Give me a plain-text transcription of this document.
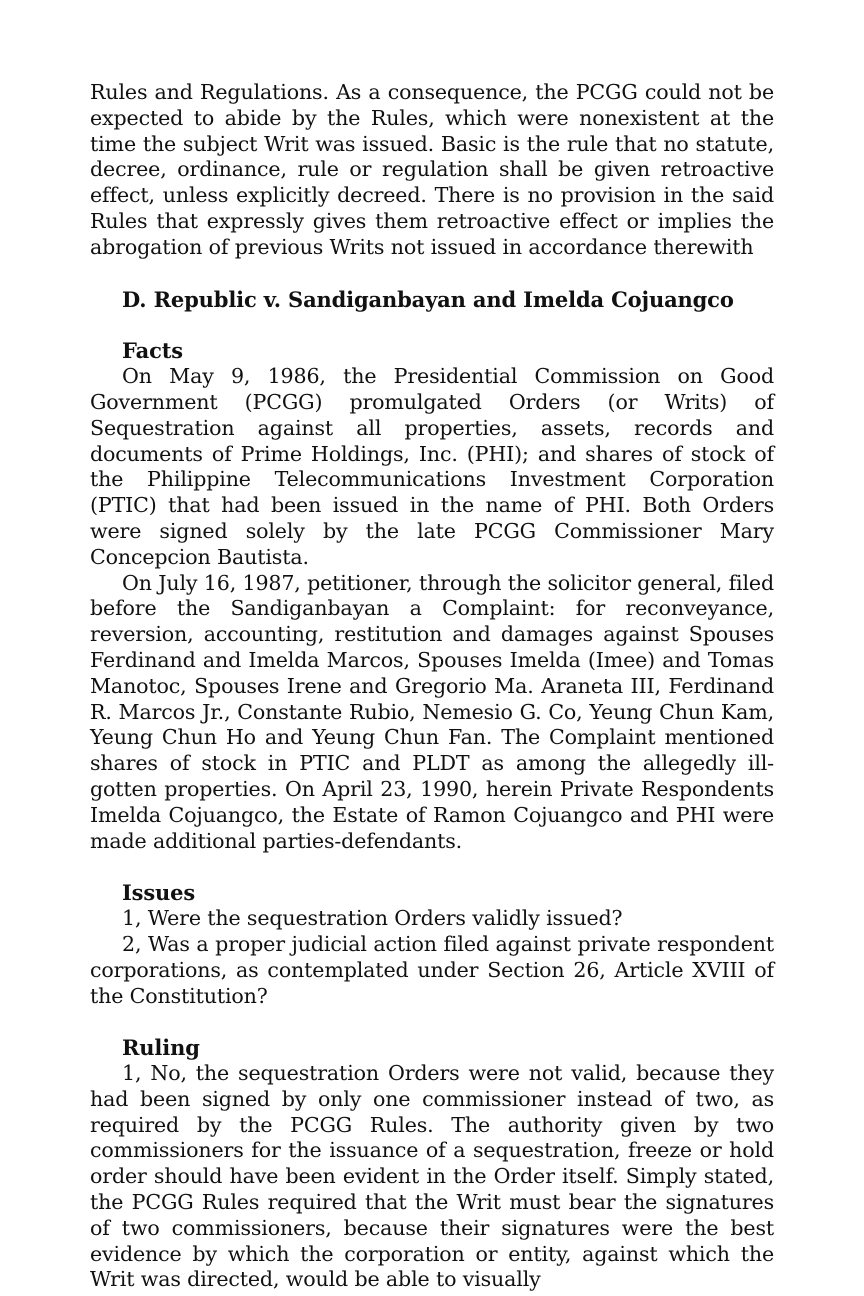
Rules and Regulations. As a consequence, the PCGG could not be expected to abide by the Rules, which were nonexistent at the time the subject Writ was issued. Basic is the rule that no statute, decree, ordinance, rule or regulation shall be given retroactive effect, unless explicitly decreed. There is no provision in the said Rules that expressly gives them retroactive effect or implies the abrogation of previous Writs not issued in accordance therewith

D. Republic v. Sandiganbayan and Imelda Cojuangco
Facts

On May 9, 1986, the Presidential Commission on Good Government (PCGG) promulgated Orders (or Writs) of Sequestration against all properties, assets, records and documents of Prime Holdings, Inc. (PHI); and shares of stock of the Philippine Telecommunications Investment Corporation (PTIC) that had been issued in the name of PHI. Both Orders were signed solely by the late PCGG Commissioner Mary Concepcion Bautista.

On July 16, 1987, petitioner, through the solicitor general, filed before the Sandiganbayan a Complaint: for reconveyance, reversion, accounting, restitution and damages against Spouses Ferdinand and Imelda Marcos, Spouses Imelda (Imee) and Tomas Manotoc, Spouses Irene and Gregorio Ma. Araneta III, Ferdinand R. Marcos Jr., Constante Rubio, Nemesio G. Co, Yeung Chun Kam, Yeung Chun Ho and Yeung Chun Fan. The Complaint mentioned shares of stock in PTIC and PLDT as among the allegedly ill-gotten properties. On April 23, 1990, herein Private Respondents Imelda Cojuangco, the Estate of Ramon Cojuangco and PHI were made additional parties-defendants.

Issues

1, Were the sequestration Orders validly issued?

2, Was a proper judicial action filed against private respondent corporations, as contemplated under Section 26, Article XVIII of the Constitution?

Ruling

1, No, the sequestration Orders were not valid, because they had been signed by only one commissioner instead of two, as required by the PCGG Rules. The authority given by two commissioners for the issuance of a sequestration, freeze or hold order should have been evident in the Order itself. Simply stated, the PCGG Rules required that the Writ must bear the signatures of two commissioners, because their signatures were the best evidence by which the corporation or entity, against which the Writ was directed, would be able to visually
